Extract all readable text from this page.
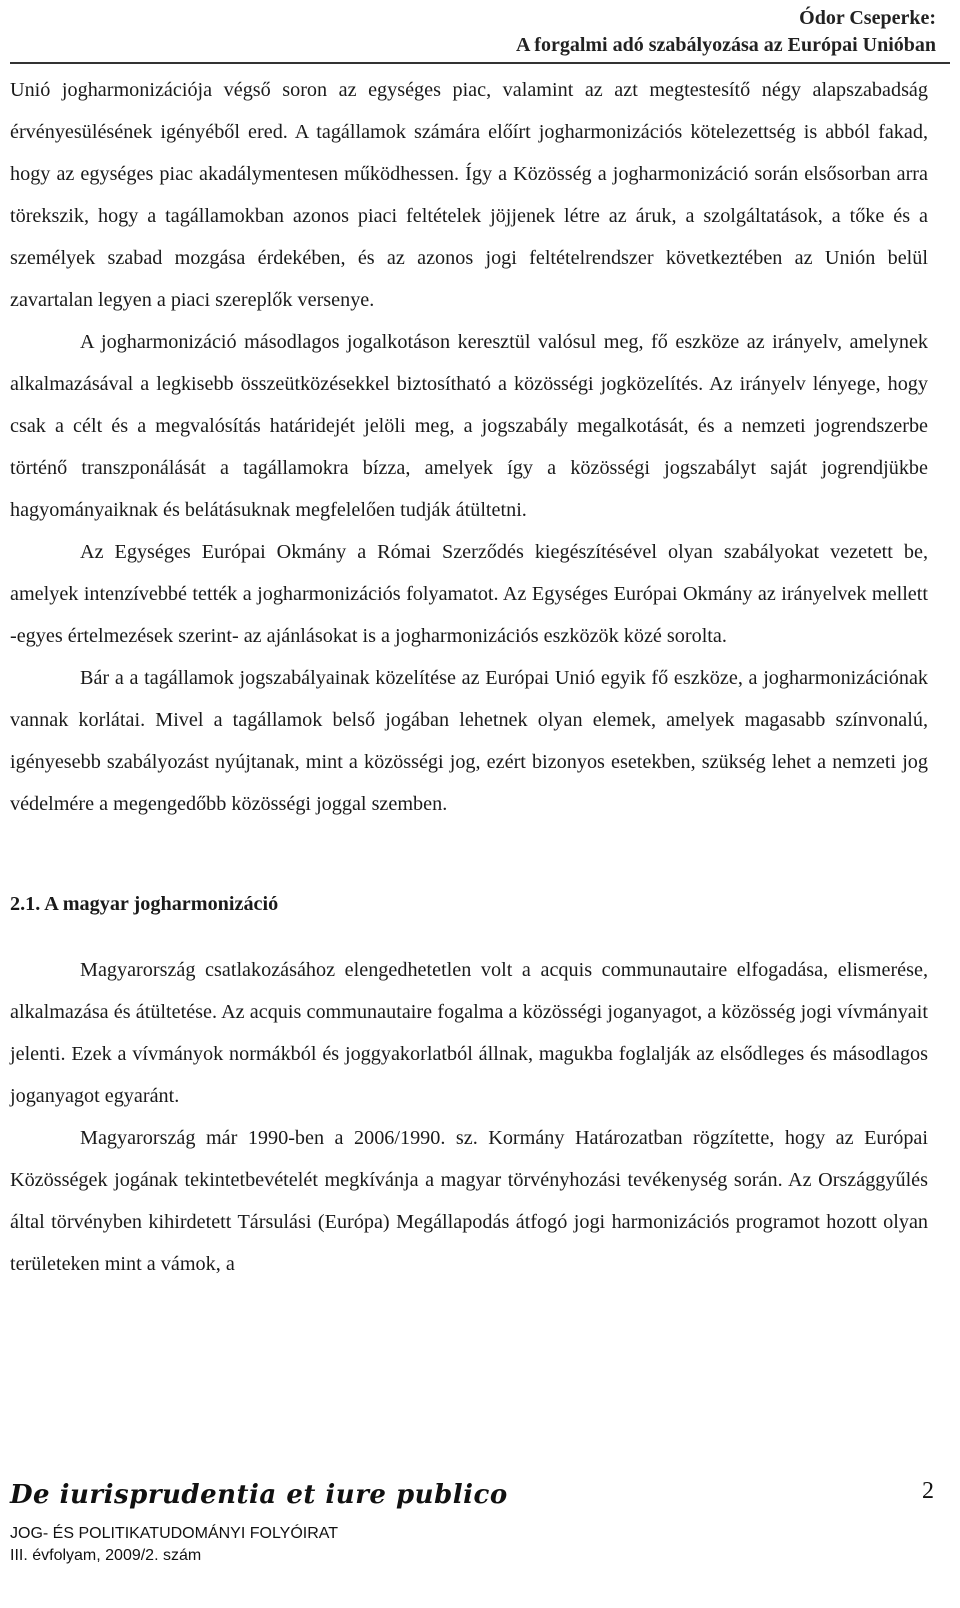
Ódor Cseperke:
A forgalmi adó szabályozása az Európai Unióban

Unió jogharmonizációja végső soron az egységes piac, valamint az azt megtestesítő négy alapszabadság érvényesülésének igényéből ered. A tagállamok számára előírt jogharmonizációs kötelezettség is abból fakad, hogy az egységes piac akadálymentesen működhessen. Így a Közösség a jogharmonizáció során elsősorban arra törekszik, hogy a tagállamokban azonos piaci feltételek jöjjenek létre az áruk, a szolgáltatások, a tőke és a személyek szabad mozgása érdekében, és az azonos jogi feltételrendszer következtében az Unión belül zavartalan legyen a piaci szereplők versenye.

A jogharmonizáció másodlagos jogalkotáson keresztül valósul meg, fő eszköze az irányelv, amelynek alkalmazásával a legkisebb összeütközésekkel biztosítható a közösségi jogközelítés. Az irányelv lényege, hogy csak a célt és a megvalósítás határidejét jelöli meg, a jogszabály megalkotását, és a nemzeti jogrendszerbe történő transzponálását a tagállamokra bízza, amelyek így a közösségi jogszabályt saját jogrendjükbe hagyományaiknak és belátásuknak megfelelően tudják átültetni.

Az Egységes Európai Okmány a Római Szerződés kiegészítésével olyan szabályokat vezetett be, amelyek intenzívebbé tették a jogharmonizációs folyamatot. Az Egységes Európai Okmány az irányelvek mellett -egyes értelmezések szerint- az ajánlásokat is a jogharmonizációs eszközök közé sorolta.

Bár a a tagállamok jogszabályainak közelítése az Európai Unió egyik fő eszköze, a jogharmonizációnak vannak korlátai. Mivel a tagállamok belső jogában lehetnek olyan elemek, amelyek magasabb színvonalú, igényesebb szabályozást nyújtanak, mint a közösségi jog, ezért bizonyos esetekben, szükség lehet a nemzeti jog védelmére a megengedőbb közösségi joggal szemben.

2.1. A magyar jogharmonizáció

Magyarország csatlakozásához elengedhetetlen volt a acquis communautaire elfogadása, elismerése, alkalmazása és átültetése. Az acquis communautaire fogalma a közösségi joganyagot, a közösség jogi vívmányait jelenti. Ezek a vívmányok normákból és joggyakorlatból állnak, magukba foglalják az elsődleges és másodlagos joganyagot egyaránt.

Magyarország már 1990-ben a 2006/1990. sz. Kormány Határozatban rögzítette, hogy az Európai Közösségek jogának tekintetbevételét megkívánja a magyar törvényhozási tevékenység során. Az Országgyűlés által törvényben kihirdetett Társulási (Európa) Megállapodás átfogó jogi harmonizációs programot hozott olyan területeken mint a vámok, a

De iurisprudentia et iure publico	2
JOG- ÉS POLITIKATUDOMÁNYI FOLYÓIRAT
III. évfolyam, 2009/2. szám
